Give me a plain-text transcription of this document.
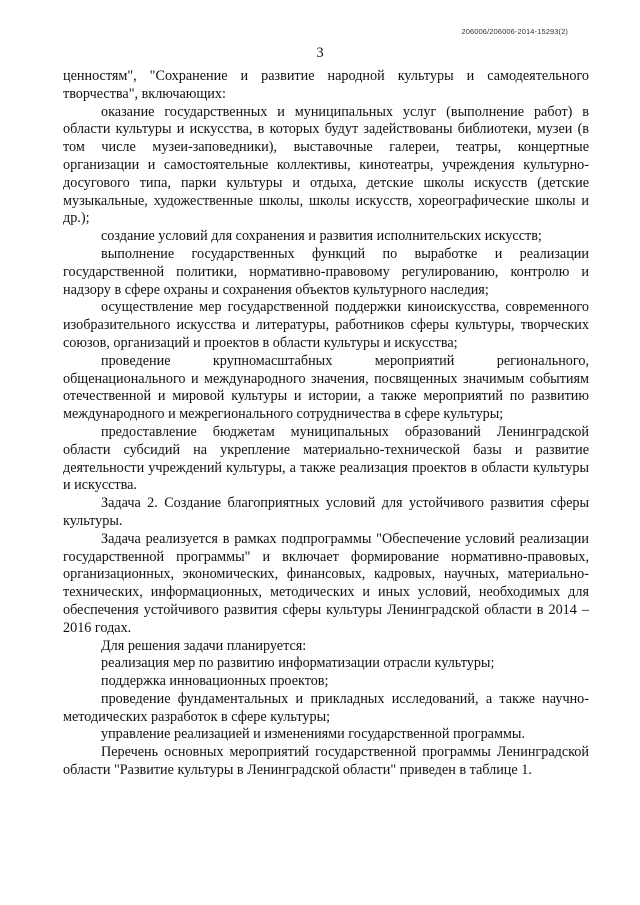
206006/206006-2014-15293(2)
3

ценностям", "Сохранение и развитие народной культуры и самодеятельного творчества", включающих:

оказание государственных и муниципальных услуг (выполнение работ) в области культуры и искусства, в которых будут задействованы библиотеки, музеи (в том числе музеи-заповедники), выставочные галереи, театры, концертные организации и самостоятельные коллективы, кинотеатры, учреждения культурно-досугового типа, парки культуры и отдыха, детские школы искусств (детские музыкальные, художественные школы, школы искусств, хореографические школы и др.);

создание условий для сохранения и развития исполнительских искусств;

выполнение государственных функций по выработке и реализации государственной политики, нормативно-правовому регулированию, контролю и надзору в сфере охраны и сохранения объектов культурного наследия;

осуществление мер государственной поддержки киноискусства, современного изобразительного искусства и литературы, работников сферы культуры, творческих союзов, организаций и проектов в области культуры и искусства;

проведение крупномасштабных мероприятий регионального, общенационального и международного значения, посвященных значимым событиям отечественной и мировой культуры и истории, а также мероприятий по развитию международного и межрегионального сотрудничества в сфере культуры;

предоставление бюджетам муниципальных образований Ленинградской области субсидий на укрепление материально-технической базы и развитие деятельности учреждений культуры, а также реализация проектов в области культуры и искусства.

Задача 2. Создание благоприятных условий для устойчивого развития сферы культуры.

Задача реализуется в рамках подпрограммы "Обеспечение условий реализации государственной программы" и включает формирование нормативно-правовых, организационных, экономических, финансовых, кадровых, научных, материально-технических, информационных, методических и иных условий, необходимых для обеспечения устойчивого развития сферы культуры Ленинградской области в 2014 – 2016 годах.

Для решения задачи планируется:

реализация мер по развитию информатизации отрасли культуры;

поддержка инновационных проектов;

проведение фундаментальных и прикладных исследований, а также научно-методических разработок в сфере культуры;

управление реализацией и изменениями государственной программы.

Перечень основных мероприятий государственной программы Ленинградской области "Развитие культуры в Ленинградской области" приведен в таблице 1.
